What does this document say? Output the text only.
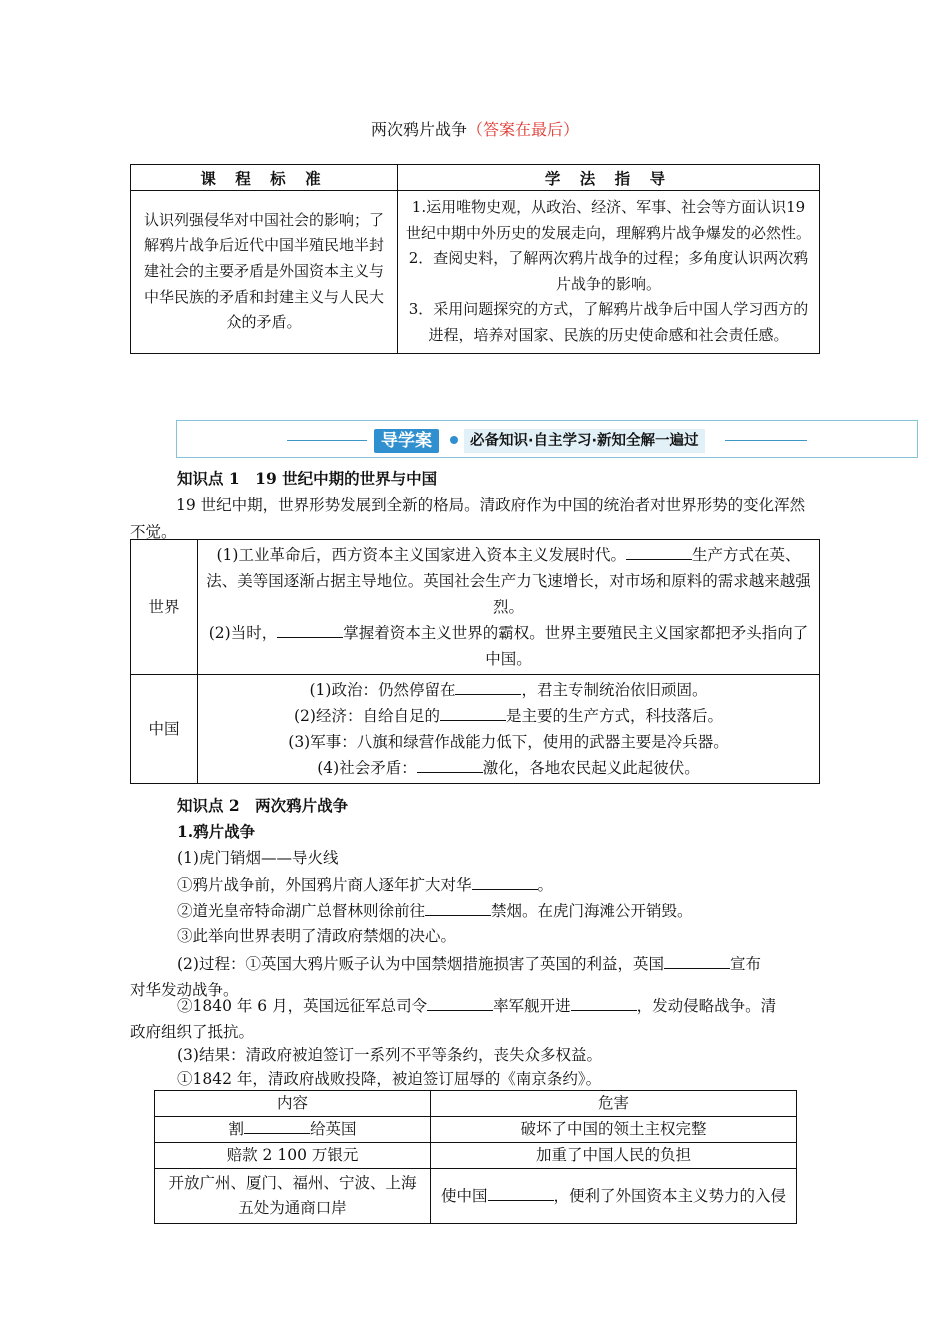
两次鸦片战争（答案在最后）
课 程 标 准	学 法 指 导
认识列强侵华对中国社会的影响；了解鸦片战争后近代中国半殖民地半封建社会的主要矛盾是外国资本主义与中华民族的矛盾和封建主义与人民大众的矛盾。	1.运用唯物史观，从政治、经济、军事、社会等方面认识19世纪中期中外历史的发展走向，理解鸦片战争爆发的必然性。
2．查阅史料，了解两次鸦片战争的过程；多角度认识两次鸦片战争的影响。
3．采用问题探究的方式，了解鸦片战争后中国人学习西方的进程，培养对国家、民族的历史使命感和社会责任感。
导学案	必备知识·自主学习·新知全解一遍过
知识点 1　19 世纪中期的世界与中国
19 世纪中期，世界形势发展到全新的格局。清政府作为中国的统治者对世界形势的变化浑然不觉。
世界	(1)工业革命后，西方资本主义国家进入资本主义发展时代。 生产方式在英、法、美等国逐渐占据主导地位。英国社会生产力飞速增长，对市场和原料的需求越来越强烈。
(2)当时， 掌握着资本主义世界的霸权。世界主要殖民主义国家都把矛头指向了中国。

中国	(1)政治：仍然停留在 ，君主专制统治依旧顽固。
(2)经济：自给自足的 是主要的生产方式，科技落后。
(3)军事：八旗和绿营作战能力低下，使用的武器主要是冷兵器。
(4)社会矛盾： 激化，各地农民起义此起彼伏。
知识点 2　两次鸦片战争
1.鸦片战争
(1)虎门销烟——导火线
①鸦片战争前，外国鸦片商人逐年扩大对华	。
②道光皇帝特命湖广总督林则徐前往	禁烟。在虎门海滩公开销毁。
③此举向世界表明了清政府禁烟的决心。
(2)过程：①英国大鸦片贩子认为中国禁烟措施损害了英国的利益，英国	宣布
对华发动战争。
②1840 年 6 月，英国远征军总司令	率军舰开进	，发动侵略战争。清
政府组织了抵抗。
(3)结果：清政府被迫签订一系列不平等条约，丧失众多权益。
①1842 年，清政府战败投降，被迫签订屈辱的《南京条约》。
内容	危害
割 给英国	破坏了中国的领土主权完整
赔款 2 100 万银元	加重了中国人民的负担
开放广州、厦门、福州、宁波、上海五处为通商口岸	使中国 ，便利了外国资本主义势力的入侵
